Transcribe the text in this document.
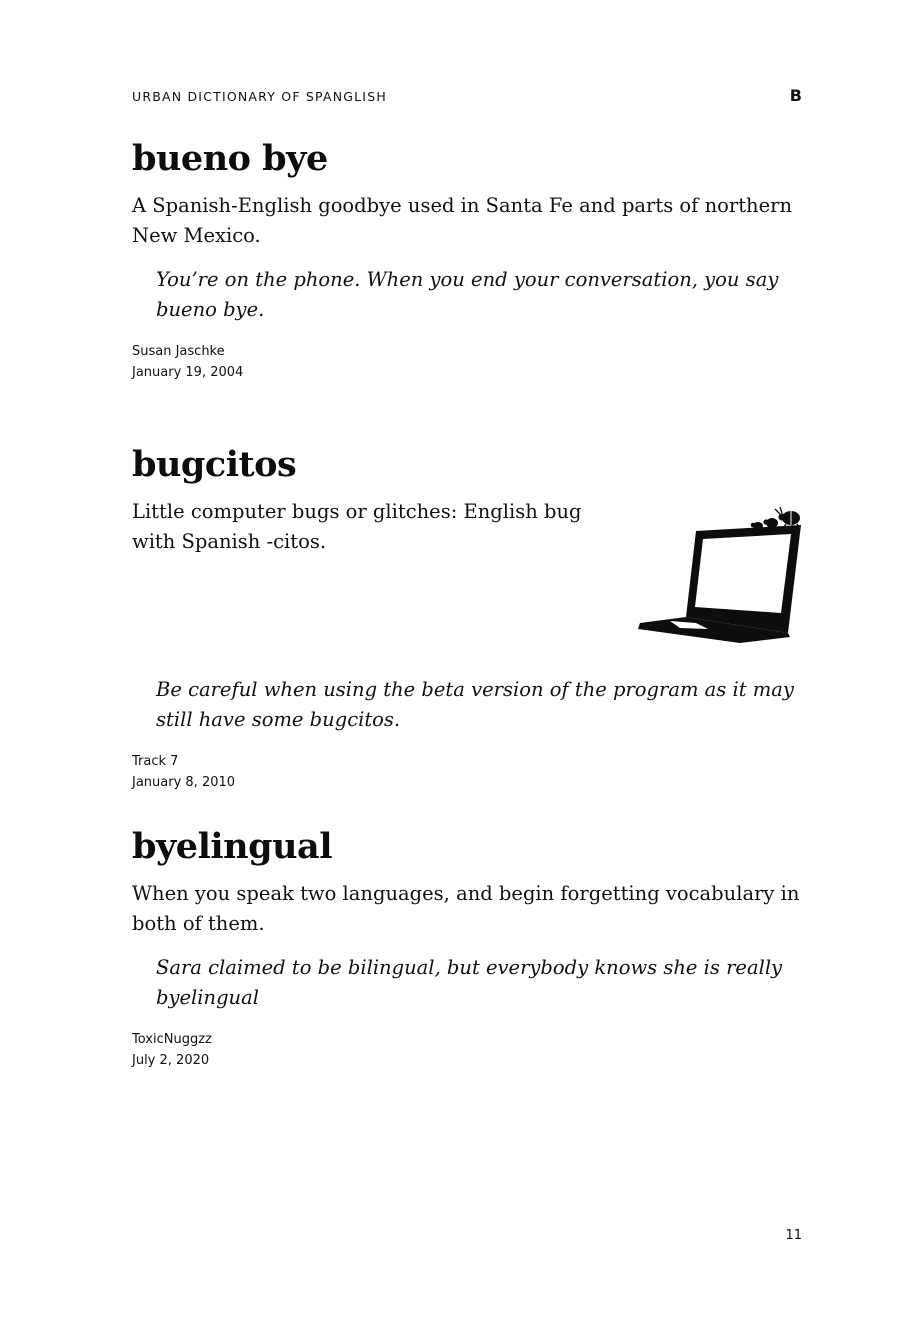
URBAN DICTIONARY OF SPANGLISH	B
bueno bye

A Spanish-English goodbye used in Santa Fe and parts of northern New Mexico.

You’re on the phone. When you end your conversation, you say bueno bye.

Susan Jaschke
January 19, 2004
bugcitos

Little computer bugs or glitches: English bug with Spanish -citos.

Be careful when using the beta version of the program as it may still have some bugcitos.

Track 7
January 8, 2010
byelingual

When you speak two languages, and begin forgetting vocabulary in both of them.

Sara claimed to be bilingual, but everybody knows she is really byelingual

ToxicNuggzz
July 2, 2020
11
